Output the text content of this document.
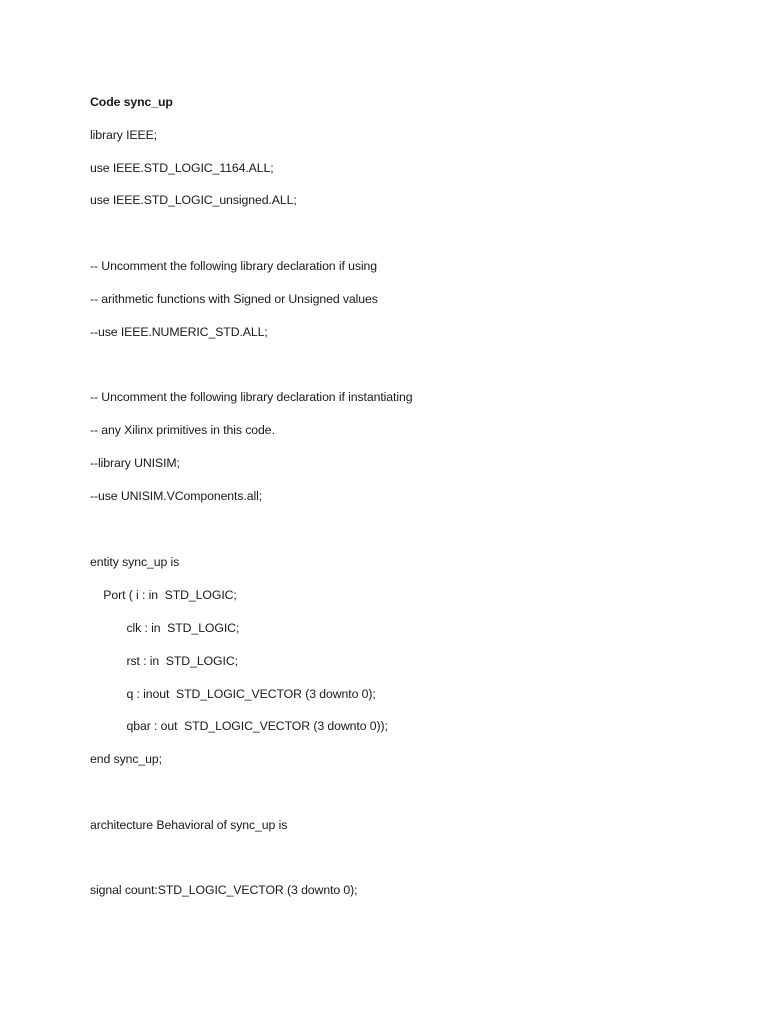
Code sync_up
library IEEE;
use IEEE.STD_LOGIC_1164.ALL;
use IEEE.STD_LOGIC_unsigned.ALL;
-- Uncomment the following library declaration if using
-- arithmetic functions with Signed or Unsigned values
--use IEEE.NUMERIC_STD.ALL;
-- Uncomment the following library declaration if instantiating
-- any Xilinx primitives in this code.
--library UNISIM;
--use UNISIM.VComponents.all;
entity sync_up is
Port ( i : in  STD_LOGIC;
clk : in  STD_LOGIC;
rst : in  STD_LOGIC;
q : inout  STD_LOGIC_VECTOR (3 downto 0);
qbar : out  STD_LOGIC_VECTOR (3 downto 0));
end sync_up;
architecture Behavioral of sync_up is
signal count:STD_LOGIC_VECTOR (3 downto 0);
